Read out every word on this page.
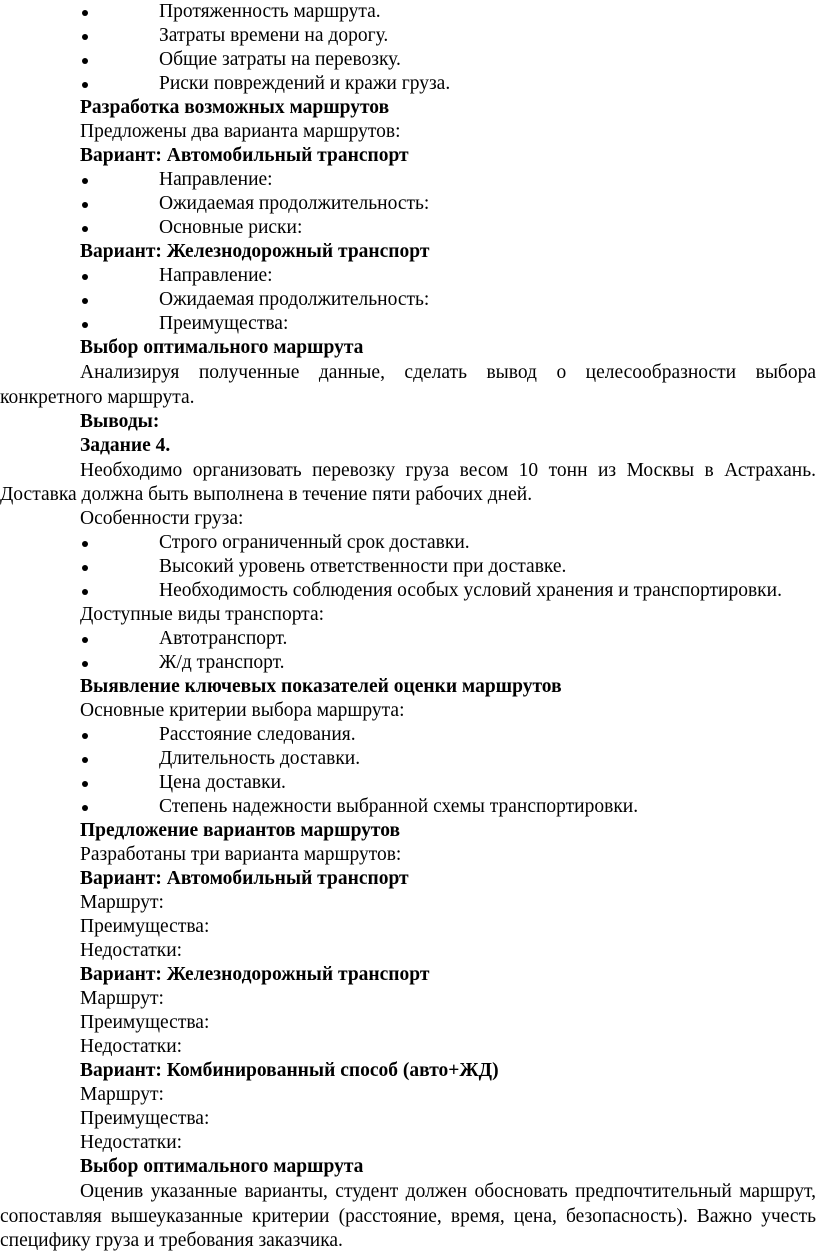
Протяженность маршрута.
Затраты времени на дорогу.
Общие затраты на перевозку.
Риски повреждений и кражи груза.
Разработка возможных маршрутов
Предложены два варианта маршрутов:
Вариант: Автомобильный транспорт
Направление:
Ожидаемая продолжительность:
Основные риски:
Вариант: Железнодорожный транспорт
Направление:
Ожидаемая продолжительность:
Преимущества:
Выбор оптимального маршрута
Анализируя полученные данные, сделать вывод о целесообразности выбора
конкретного маршрута.
Выводы:
Задание 4.
Необходимо организовать перевозку груза весом 10 тонн из Москвы в Астрахань.
Доставка должна быть выполнена в течение пяти рабочих дней.
Особенности груза:
Строго ограниченный срок доставки.
Высокий уровень ответственности при доставке.
Необходимость соблюдения особых условий хранения и транспортировки.
Доступные виды транспорта:
Автотранспорт.
Ж/д транспорт.
Выявление ключевых показателей оценки маршрутов
Основные критерии выбора маршрута:
Расстояние следования.
Длительность доставки.
Цена доставки.
Степень надежности выбранной схемы транспортировки.
Предложение вариантов маршрутов
Разработаны три варианта маршрутов:
Вариант: Автомобильный транспорт
Маршрут:
Преимущества:
Недостатки:
Вариант: Железнодорожный транспорт
Маршрут:
Преимущества:
Недостатки:
Вариант: Комбинированный способ (авто+ЖД)
Маршрут:
Преимущества:
Недостатки:
Выбор оптимального маршрута
Оценив указанные варианты, студент должен обосновать предпочтительный маршрут,
сопоставляя вышеуказанные критерии (расстояние, время, цена, безопасность). Важно учесть
специфику груза и требования заказчика.
